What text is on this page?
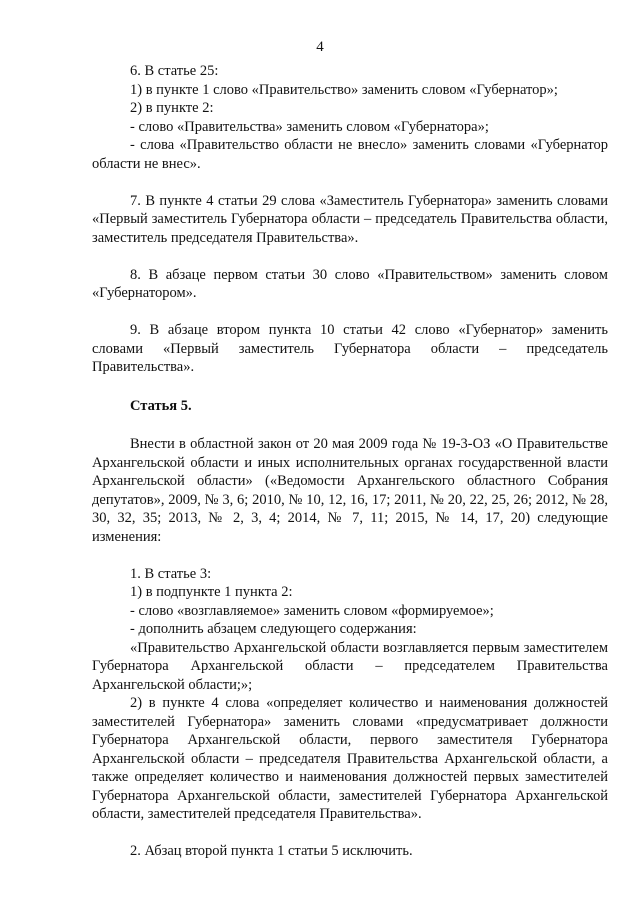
4

6. В статье 25:

1) в пункте 1 слово «Правительство» заменить словом «Губернатор»;

2) в пункте 2:

- слово «Правительства» заменить словом «Губернатора»;

- слова «Правительство области не внесло» заменить словами «Губернатор области не внес».

7. В пункте 4 статьи 29 слова «Заместитель Губернатора» заменить словами «Первый заместитель Губернатора области – председатель Правительства области, заместитель председателя Правительства».

8. В абзаце первом статьи 30 слово «Правительством» заменить словом «Губернатором».

9. В абзаце втором пункта 10 статьи 42 слово «Губернатор» заменить словами «Первый заместитель Губернатора области – председатель Правительства».

Статья 5.

Внести в областной закон от 20 мая 2009 года № 19-3-ОЗ «О Правительстве Архангельской области и иных исполнительных органах государственной власти Архангельской области» («Ведомости Архангельского областного Собрания депутатов», 2009, № 3, 6; 2010, № 10, 12, 16, 17; 2011, № 20, 22, 25, 26; 2012, № 28, 30, 32, 35; 2013, № 2, 3, 4; 2014, № 7, 11; 2015, № 14, 17, 20) следующие изменения:

1. В статье 3:

1) в подпункте 1 пункта 2:

- слово «возглавляемое» заменить словом «формируемое»;

- дополнить абзацем следующего содержания:

«Правительство Архангельской области возглавляется первым заместителем Губернатора Архангельской области – председателем Правительства Архангельской области;»;

2) в пункте 4 слова «определяет количество и наименования должностей заместителей Губернатора» заменить словами «предусматривает должности Губернатора Архангельской области, первого заместителя Губернатора Архангельской области – председателя Правительства Архангельской области, а также определяет количество и наименования должностей первых заместителей Губернатора Архангельской области, заместителей Губернатора Архангельской области, заместителей председателя Правительства».

2. Абзац второй пункта 1 статьи 5 исключить.
